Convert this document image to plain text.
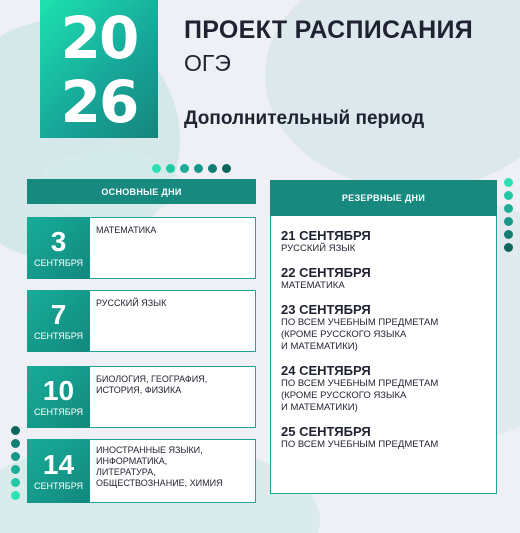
20
26
ПРОЕКТ РАСПИСАНИЯ
ОГЭ
Дополнительный период
ОСНОВНЫЕ ДНИ
3
СЕНТЯБРЯ
МАТЕМАТИКА
7
СЕНТЯБРЯ
РУССКИЙ ЯЗЫК
10
СЕНТЯБРЯ
БИОЛОГИЯ, ГЕОГРАФИЯ,
ИСТОРИЯ, ФИЗИКА
14
СЕНТЯБРЯ
ИНОСТРАННЫЕ ЯЗЫКИ,
ИНФОРМАТИКА,
ЛИТЕРАТУРА,
ОБЩЕСТВОЗНАНИЕ, ХИМИЯ
РЕЗЕРВНЫЕ ДНИ
21 СЕНТЯБРЯ
РУССКИЙ ЯЗЫК
22 СЕНТЯБРЯ
МАТЕМАТИКА
23 СЕНТЯБРЯ
ПО ВСЕМ УЧЕБНЫМ ПРЕДМЕТАМ
(КРОМЕ РУССКОГО ЯЗЫКА
И МАТЕМАТИКИ)
24 СЕНТЯБРЯ
ПО ВСЕМ УЧЕБНЫМ ПРЕДМЕТАМ
(КРОМЕ РУССКОГО ЯЗЫКА
И МАТЕМАТИКИ)
25 СЕНТЯБРЯ
ПО ВСЕМ УЧЕБНЫМ ПРЕДМЕТАМ
